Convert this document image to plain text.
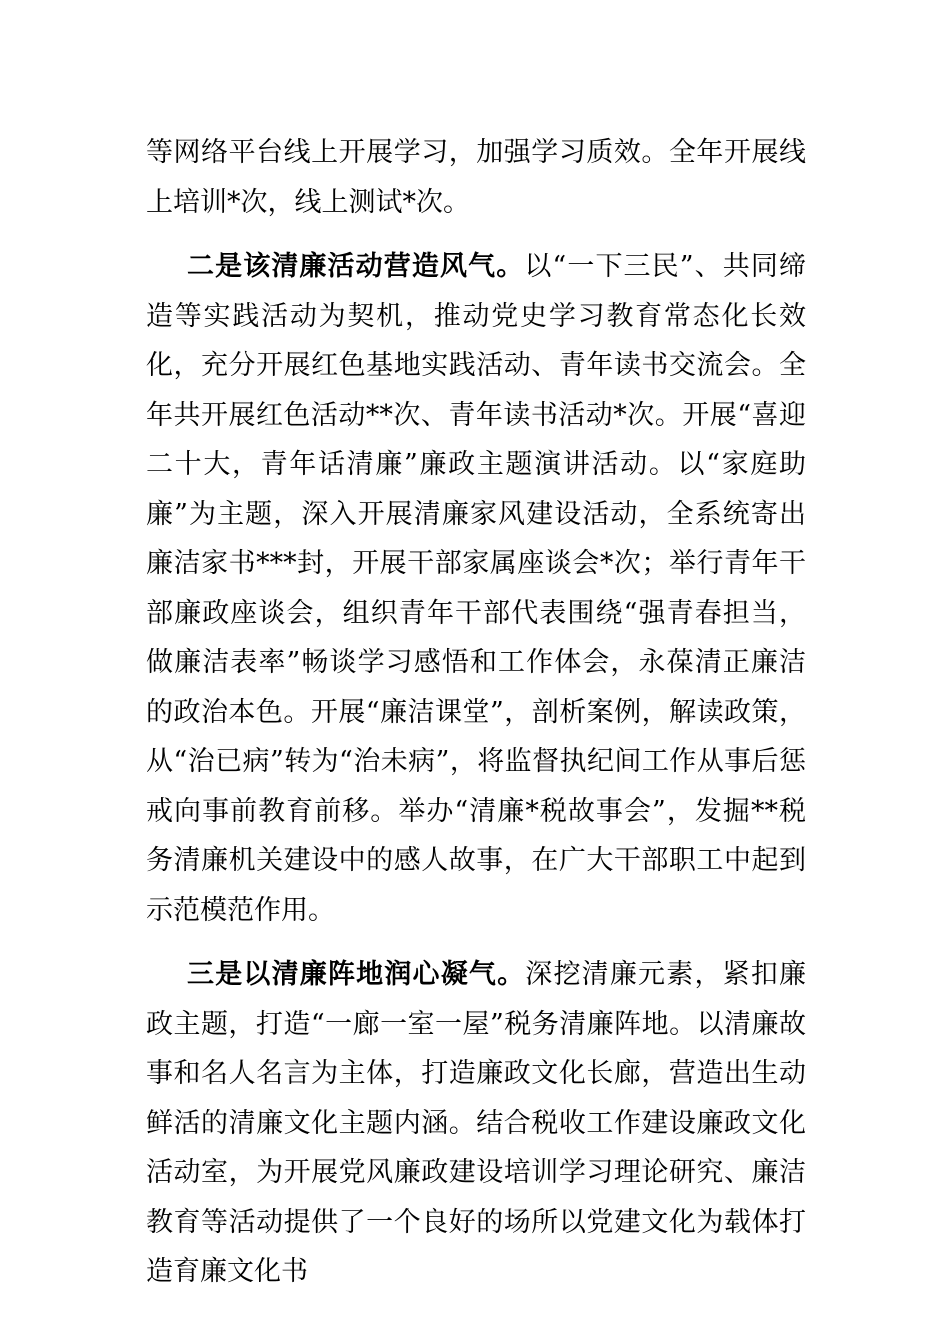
等网络平台线上开展学习，加强学习质效。全年开展线上培训*次，线上测试*次。

二是该清廉活动营造风气。以“一下三民”、共同缔造等实践活动为契机，推动党史学习教育常态化长效化，充分开展红色基地实践活动、青年读书交流会。全年共开展红色活动**次、青年读书活动*次。开展“喜迎二十大，青年话清廉”廉政主题演讲活动。以“家庭助廉”为主题，深入开展清廉家风建设活动，全系统寄出廉洁家书***封，开展干部家属座谈会*次；举行青年干部廉政座谈会，组织青年干部代表围绕“强青春担当，做廉洁表率”畅谈学习感悟和工作体会，永葆清正廉洁的政治本色。开展“廉洁课堂”，剖析案例，解读政策，从“治已病”转为“治未病”，将监督执纪间工作从事后惩戒向事前教育前移。举办“清廉*税故事会”，发掘**税务清廉机关建设中的感人故事，在广大干部职工中起到示范模范作用。

三是以清廉阵地润心凝气。深挖清廉元素，紧扣廉政主题，打造“一廊一室一屋”税务清廉阵地。以清廉故事和名人名言为主体，打造廉政文化长廊，营造出生动鲜活的清廉文化主题内涵。结合税收工作建设廉政文化活动室，为开展党风廉政建设培训学习理论研究、廉洁教育等活动提供了一个良好的场所以党建文化为载体打造育廉文化书
